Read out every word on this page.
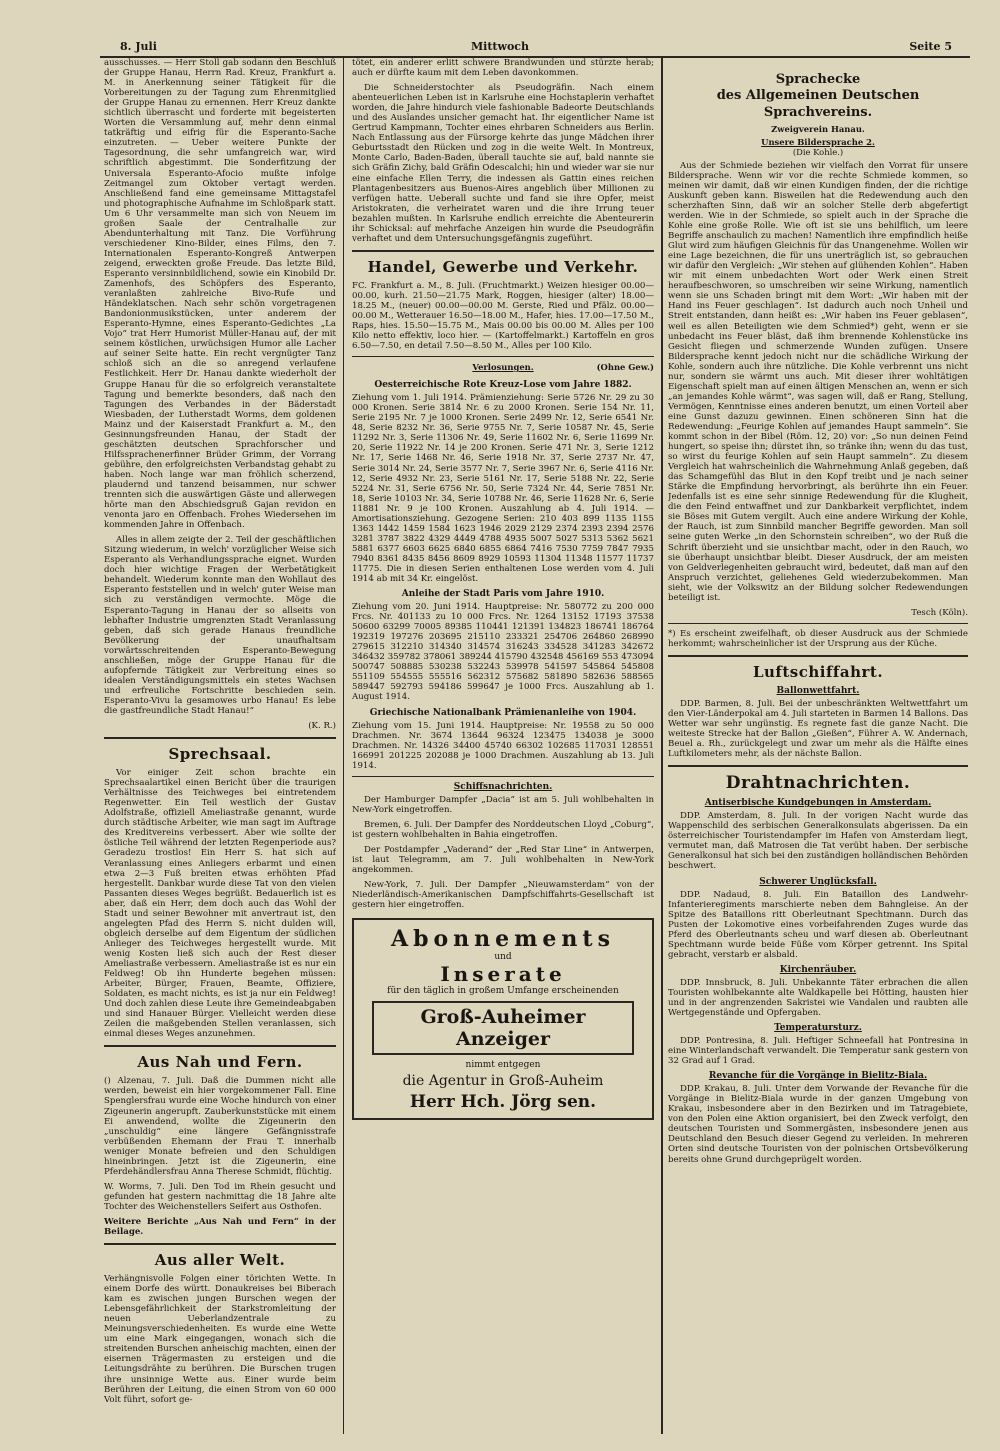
8. Juli	Mittwoch	Seite 5

ausschusses. — Herr Stoll gab sodann den Beschluß der Gruppe Hanau, Herrn Rad. Kreuz, Frankfurt a. M. in Anerkennung seiner Tätigkeit für die Vorbereitungen zu der Tagung zum Ehrenmitglied der Gruppe Hanau zu ernennen. Herr Kreuz dankte sichtlich überrascht und forderte mit begeisterten Worten die Versammlung auf, mehr denn einmal tatkräftig und eifrig für die Esperanto-Sache einzutreten. — Ueber weitere Punkte der Tagesordnung, die sehr umfangreich war, wird schriftlich abgestimmt. Die Sonderfitzung der Universala Esperanto-Afocio mußte infolge Zeitmangel zum Oktober vertagt werden. Anschließend fand eine gemeinsame Mittagstafel und photographische Aufnahme im Schloßpark statt. Um 6 Uhr versammelte man sich von Neuem im großen Saale der Centralhalle zur Abendunterhaltung mit Tanz. Die Vorführung verschiedener Kino-Bilder, eines Films, den 7. Internationalen Esperanto-Kongreß Antwerpen zeigend, erweckten große Freude. Das letzte Bild, Esperanto versinnbildlichend, sowie ein Kinobild Dr. Zamenhofs, des Schöpfers des Esperanto, veranlaßten zahlreiche Bivo-Rufe und Händeklatschen. Nach sehr schön vorgetragenen Bandonionmusikstücken, unter anderem der Esperanto-Hymne, eines Esperanto-Gedichtes „La Vojo“ trat Herr Humorist Müller-Hanau auf, der mit seinem köstlichen, urwüchsigen Humor alle Lacher auf seiner Seite hatte. Ein recht vergnügter Tanz schloß sich an die so anregend verlaufene Festlichkeit. Herr Dr. Hanau dankte wiederholt der Gruppe Hanau für die so erfolgreich veranstaltete Tagung und bemerkte besonders, daß nach den Tagungen des Verbandes in der Bäderstadt Wiesbaden, der Lutherstadt Worms, dem goldenen Mainz und der Kaiserstadt Frankfurt a. M., den Gesinnungsfreunden Hanau, der Stadt der geschätzten deutschen Sprachforscher und Hilfssprachenerfinner Brüder Grimm, der Vorrang gebühre, den erfolgreichsten Verbandstag gehabt zu haben. Noch lange war man fröhlich scherzend, plaudernd und tanzend beisammen, nur schwer trennten sich die auswärtigen Gäste und allerwegen hörte man den Abschiedsgruß Gajan revidon en venonta jaro en Offenbach. Frohes Wiedersehen im kommenden Jahre in Offenbach.

Alles in allem zeigte der 2. Teil der geschäftlichen Sitzung wiederum, in welch' vorzüglicher Weise sich Esperanto als Verhandlungssprache eignet. Wurden doch hier wichtige Fragen der Werbetätigkeit behandelt. Wiederum konnte man den Wohllaut des Esperanto feststellen und in welch' guter Weise man sich zu verständigen vermochte. Möge die Esperanto-Tagung in Hanau der so allseits von lebhafter Industrie umgrenzten Stadt Veranlassung geben, daß sich gerade Hanaus freundliche Bevölkerung der unaufhaltsam vorwärtsschreitenden Esperanto-Bewegung anschließen, möge der Gruppe Hanau für die aufopfernde Tätigkeit zur Verbreitung eines so idealen Verständigungsmittels ein stetes Wachsen und erfreuliche Fortschritte beschieden sein. Esperanto-Vivu la gesamowes urbo Hanau! Es lebe die gastfreundliche Stadt Hanau!“

(K. R.)

Sprechsaal.

Vor einiger Zeit schon brachte ein Sprechsaalartikel einen Bericht über die traurigen Verhältnisse des Teichweges bei eintretendem Regenwetter. Ein Teil westlich der Gustav Adolfstraße, offiziell Ameliastraße genannt, wurde durch städtische Arbeiter, wie man sagt im Auftrage des Kreditvereins verbessert. Aber wie sollte der östliche Teil während der letzten Regenperiode aus? Geradezu trostlos! Ein Herr S. hat sich auf Veranlassung eines Anliegers erbarmt und einen etwa 2—3 Fuß breiten etwas erhöhten Pfad hergestellt. Dankbar wurde diese Tat von den vielen Passanten dieses Weges begrüßt. Bedauerlich ist es aber, daß ein Herr, dem doch auch das Wohl der Stadt und seiner Bewohner mit anvertraut ist, den angelegten Pfad des Herrn S. nicht dulden will, obgleich derselbe auf dem Eigentum der südlichen Anlieger des Teichweges hergestellt wurde. Mit wenig Kosten ließ sich auch der Rest dieser Ameliastraße verbessern. Ameliastraße ist es nur ein Feldweg! Ob ihn Hunderte begehen müssen: Arbeiter, Bürger, Frauen, Beamte, Offiziere, Soldaten, es macht nichts, es ist ja nur ein Feldweg! Und doch zahlen diese Leute ihre Gemeindeabgaben und sind Hanauer Bürger. Vielleicht werden diese Zeilen die maßgebenden Stellen veranlassen, sich einmal dieses Weges anzunehmen.

Aus Nah und Fern.

() Alzenau, 7. Juli. Daß die Dummen nicht alle werden, beweist ein hier vorgekommener Fall. Eine Spenglersfrau wurde eine Woche hindurch von einer Zigeunerin angerupft. Zauberkunststücke mit einem Ei anwendend, wollte die Zigeunerin den „unschuldig“ eine längere Gefängnisstrafe verbüßenden Ehemann der Frau T. innerhalb weniger Monate befreien und den Schuldigen hineinbringen. Jetzt ist die Zigeunerin, eine Pferdehändlersfrau Anna Therese Schmidt, flüchtig.

W. Worms, 7. Juli. Den Tod im Rhein gesucht und gefunden hat gestern nachmittag die 18 Jahre alte Tochter des Weichenstellers Seifert aus Osthofen.

Weitere Berichte „Aus Nah und Fern“ in der Beilage.

Aus aller Welt.

Verhängnisvolle Folgen einer törichten Wette. In einem Dorfe des württ. Donaukreises bei Biberach kam es zwischen jungen Burschen wegen der Lebensgefährlichkeit der Starkstromleitung der neuen Ueberlandzentrale zu Meinungsverschiedenheiten. Es wurde eine Wette um eine Mark eingegangen, wonach sich die streitenden Burschen anheischig machten, einen der eisernen Trägermasten zu ersteigen und die Leitungsdrähte zu berühren. Die Burschen trugen ihre unsinnige Wette aus. Einer wurde beim Berühren der Leitung, die einen Strom von 60 000 Volt führt, sofort ge-

tötet, ein anderer erlitt schwere Brandwunden und stürzte herab; auch er dürfte kaum mit dem Leben davonkommen.

Die Schneiderstochter als Pseudogräfin. Nach einem abenteuerlichen Leben ist in Karlsruhe eine Hochstaplerin verhaftet worden, die Jahre hindurch viele fashionable Badeorte Deutschlands und des Auslandes unsicher gemacht hat. Ihr eigentlicher Name ist Gertrud Kampmann, Tochter eines ehrbaren Schneiders aus Berlin. Nach Entlassung aus der Fürsorge kehrte das junge Mädchen ihrer Geburtsstadt den Rücken und zog in die weite Welt. In Montreux, Monte Carlo, Baden-Baden, überall tauchte sie auf, bald nannte sie sich Gräfin Zichy, bald Gräfin Odescalchi; hin und wieder war sie nur eine einfache Ellen Terry, die indessen als Gattin eines reichen Plantagenbesitzers aus Buenos-Aires angeblich über Millionen zu verfügen hatte. Ueberall suchte und fand sie ihre Opfer, meist Aristokraten, die verheiratet waren und die ihre Irrung teuer bezahlen mußten. In Karlsruhe endlich erreichte die Abenteurerin ihr Schicksal: auf mehrfache Anzeigen hin wurde die Pseudogräfin verhaftet und dem Untersuchungsgefängnis zugeführt.

Handel, Gewerbe und Verkehr.

FC. Frankfurt a. M., 8. Juli. (Fruchtmarkt.) Weizen hiesiger 00.00—00.00, kurh. 21.50—21.75 Mark, Roggen, hiesiger (alter) 18.00—18.25 M., (neuer) 00.00—00.00 M. Gerste, Ried und Pfälz. 00.00—00.00 M., Wetterauer 16.50—18.00 M., Hafer, hies. 17.00—17.50 M., Raps, hies. 15.50—15.75 M., Mais 00.00 bis 00.00 M. Alles per 100 Kilo netto effektiv, loco hier. — (Kartoffelmarkt.) Kartoffeln en gros 6.50—7.50, en detail 7.50—8.50 M., Alles per 100 Kilo.

Verlosungen.	(Ohne Gew.)
Oesterreichische Rote Kreuz-Lose vom Jahre 1882.

Ziehung vom 1. Juli 1914. Prämienziehung: Serie 5726 Nr. 29 zu 30 000 Kronen. Serie 3814 Nr. 6 zu 2000 Kronen. Serie 154 Nr. 11, Serie 2195 Nr. 7 je 1000 Kronen. Serie 2499 Nr. 12, Serie 6541 Nr. 48, Serie 8232 Nr. 36, Serie 9755 Nr. 7, Serie 10587 Nr. 45, Serie 11292 Nr. 3, Serie 11306 Nr. 49, Serie 11602 Nr. 6, Serie 11699 Nr. 20, Serie 11922 Nr. 14 je 200 Kronen. Serie 471 Nr. 3, Serie 1212 Nr. 17, Serie 1468 Nr. 46, Serie 1918 Nr. 37, Serie 2737 Nr. 47, Serie 3014 Nr. 24, Serie 3577 Nr. 7, Serie 3967 Nr. 6, Serie 4116 Nr. 12, Serie 4932 Nr. 23, Serie 5161 Nr. 17, Serie 5188 Nr. 22, Serie 5224 Nr. 31, Serie 6756 Nr. 50, Serie 7324 Nr. 44, Serie 7851 Nr. 18, Serie 10103 Nr. 34, Serie 10788 Nr. 46, Serie 11628 Nr. 6, Serie 11881 Nr. 9 je 100 Kronen. Auszahlung ab 4. Juli 1914. — Amortisationsziehung. Gezogene Serien: 210 403 899 1135 1155 1363 1442 1459 1584 1623 1946 2029 2129 2374 2393 2394 2576 3281 3787 3822 4329 4449 4788 4935 5007 5027 5313 5362 5621 5881 6377 6603 6625 6840 6855 6864 7416 7530 7759 7847 7935 7940 8361 8435 8456 8609 8929 10593 11304 11348 11577 11737 11775. Die in diesen Serien enthaltenen Lose werden vom 4. Juli 1914 ab mit 34 Kr. eingelöst.

Anleihe der Stadt Paris vom Jahre 1910.

Ziehung vom 20. Juni 1914. Hauptpreise: Nr. 580772 zu 200 000 Frcs. Nr. 401133 zu 10 000 Frcs. Nr. 1264 13152 17193 37538 50600 63299 70005 89385 110441 121391 134823 186741 186764 192319 197276 203695 215110 233321 254706 264860 268990 279615 312210 314340 314574 316243 334528 341283 342672 346432 359782 378061 389244 415790 432548 456169 553 473094 500747 508885 530238 532243 539978 541597 545864 545808 551109 554555 555516 562312 575682 581890 582636 588565 589447 592793 594186 599647 je 1000 Frcs. Auszahlung ab 1. August 1914.

Griechische Nationalbank Prämienanleihe von 1904.

Ziehung vom 15. Juni 1914. Hauptpreise: Nr. 19558 zu 50 000 Drachmen. Nr. 3674 13644 96324 123475 134038 je 3000 Drachmen. Nr. 14326 34400 45740 66302 102685 117031 128551 166991 201225 202088 je 1000 Drachmen. Auszahlung ab 13. Juli 1914.

Schiffsnachrichten.

Der Hamburger Dampfer „Dacia“ ist am 5. Juli wohlbehalten in New-York eingetroffen.

Bremen, 6. Juli. Der Dampfer des Norddeutschen Lloyd „Coburg“, ist gestern wohlbehalten in Bahia eingetroffen.

Der Postdampfer „Vaderand“ der „Red Star Line“ in Antwerpen, ist laut Telegramm, am 7. Juli wohlbehalten in New-York angekommen.

New-York, 7. Juli. Der Dampfer „Nieuwamsterdam“ von der Niederländisch-Amerikanischen Dampfschiffahrts-Gesellschaft ist gestern hier eingetroffen.

Abonnements
und
Inserate
für den täglich in großem Umfange erscheinenden
Groß-Auheimer Anzeiger
nimmt entgegen
die Agentur in Groß-Auheim
Herr Hch. Jörg sen.
Sprachecke
des Allgemeinen Deutschen Sprachvereins.
Zweigverein Hanau.
Unsere Bildersprache 2.
(Die Kohle.)

Aus der Schmiede beziehen wir vielfach den Vorrat für unsere Bildersprache. Wenn wir vor die rechte Schmiede kommen, so meinen wir damit, daß wir einen Kundigen finden, der die richtige Auskunft geben kann. Bisweilen hat die Redewendung auch den scherzhaften Sinn, daß wir an solcher Stelle derb abgefertigt werden. Wie in der Schmiede, so spielt auch in der Sprache die Kohle eine große Rolle. Wie oft ist sie uns behilflich, um leere Begriffe anschaulich zu machen! Namentlich ihre empfindlich heiße Glut wird zum häufigen Gleichnis für das Unangenehme. Wollen wir eine Lage bezeichnen, die für uns unerträglich ist, so gebrauchen wir dafür den Vergleich: „Wir stehen auf glühenden Kohlen“. Haben wir mit einem unbedachten Wort oder Werk einen Streit heraufbeschworen, so umschreiben wir seine Wirkung, namentlich wenn sie uns Schaden bringt mit dem Wort: „Wir haben mit der Hand ins Feuer geschlagen“. Ist dadurch auch noch Unheil und Streit entstanden, dann heißt es: „Wir haben ins Feuer geblasen“, weil es allen Beteiligten wie dem Schmied*) geht, wenn er sie unbedacht ins Feuer bläst, daß ihm brennende Kohlenstücke ins Gesicht fliegen und schmerzende Wunden zufügen. Unsere Bildersprache kennt jedoch nicht nur die schädliche Wirkung der Kohle, sondern auch ihre nützliche. Die Kohle verbrennt uns nicht nur, sondern sie wärmt uns auch. Mit dieser ihrer wohltätigen Eigenschaft spielt man auf einen ältigen Menschen an, wenn er sich „an jemandes Kohle wärmt“, was sagen will, daß er Rang, Stellung, Vermögen, Kenntnisse eines anderen benutzt, um einen Vorteil aber eine Gunst dazuzu gewinnen. Einen schöneren Sinn hat die Redewendung: „Feurige Kohlen auf jemandes Haupt sammeln“. Sie kommt schon in der Bibel (Röm. 12, 20) vor: „So nun deinen Feind hungert, so speise ihn; dürstet ihn, so tränke ihn; wenn du das tust, so wirst du feurige Kohlen auf sein Haupt sammeln“. Zu diesem Vergleich hat wahrscheinlich die Wahrnehmung Anlaß gegeben, daß das Schamgefühl das Blut in den Kopf treibt und je nach seiner Stärke die Empfindung hervorbringt, als berührte ihn ein Feuer. Jedenfalls ist es eine sehr sinnige Redewendung für die Klugheit, die den Feind entwaffnet und zur Dankbarkeit verpflichtet, indem sie Böses mit Gutem vergilt. Auch eine andere Wirkung der Kohle, der Rauch, ist zum Sinnbild mancher Begriffe geworden. Man soll seine guten Werke „in den Schornstein schreiben“, wo der Ruß die Schrift überzieht und sie unsichtbar macht, oder in den Rauch, wo sie überhaupt unsichtbar bleibt. Dieser Ausdruck, der am meisten von Geldverlegenheiten gebraucht wird, bedeutet, daß man auf den Anspruch verzichtet, geliehenes Geld wiederzubekommen. Man sieht, wie der Volkswitz an der Bildung solcher Redewendungen beteiligt ist.

Tesch (Köln).

*) Es erscheint zweifelhaft, ob dieser Ausdruck aus der Schmiede herkommt; wahrscheinlicher ist der Ursprung aus der Küche.

Luftschiffahrt.
Ballonwettfahrt.

DDP. Barmen, 8. Juli. Bei der unbeschränkten Weltwettfahrt um den Vier-Länderpokal am 4. Juli starteten in Barmen 14 Ballons. Das Wetter war sehr ungünstig. Es regnete fast die ganze Nacht. Die weiteste Strecke hat der Ballon „Gießen“, Führer A. W. Andernach, Beuel a. Rh., zurückgelegt und zwar um mehr als die Hälfte eines Luftkilometers mehr, als der nächste Ballon.

Drahtnachrichten.
Antiserbische Kundgebungen in Amsterdam.

DDP. Amsterdam, 8. Juli. In der vorigen Nacht wurde das Wappenschild des serbischen Generalkonsulats abgerissen. Da ein österreichischer Touristendampfer im Hafen von Amsterdam liegt, vermutet man, daß Matrosen die Tat verübt haben. Der serbische Generalkonsul hat sich bei den zuständigen holländischen Behörden beschwert.

Schwerer Unglücksfall.

DDP. Nadaud, 8. Juli. Ein Bataillon des Landwehr-Infanterieregiments marschierte neben dem Bahngleise. An der Spitze des Bataillons ritt Oberleutnant Spechtmann. Durch das Pusten der Lokomotive eines vorbeifahrenden Zuges wurde das Pferd des Oberleutnants scheu und warf diesen ab. Oberleutnant Spechtmann wurde beide Füße vom Körper getrennt. Ins Spital gebracht, verstarb er alsbald.

Kirchenräuber.

DDP. Innsbruck, 8. Juli. Unbekannte Täter erbrachen die allen Touristen wohlbekannte alte Waldkapelle bei Hötting, hausten hier und in der angrenzenden Sakristei wie Vandalen und raubten alle Wertgegenstände und Opfergaben.

Temperatursturz.

DDP. Pontresina, 8. Juli. Heftiger Schneefall hat Pontresina in eine Winterlandschaft verwandelt. Die Temperatur sank gestern von 32 Grad auf 1 Grad.

Revanche für die Vorgänge in Bielitz-Biala.

DDP. Krakau, 8. Juli. Unter dem Vorwande der Revanche für die Vorgänge in Bielitz-Biala wurde in der ganzen Umgebung von Krakau, insbesondere aber in den Bezirken und im Tatragebiete, von den Polen eine Aktion organisiert, bei den Zweck verfolgt, den deutschen Touristen und Sommergästen, insbesondere jenen aus Deutschland den Besuch dieser Gegend zu verleiden. In mehreren Orten sind deutsche Touristen von der polnischen Ortsbevölkerung bereits ohne Grund durchgeprügelt worden.
